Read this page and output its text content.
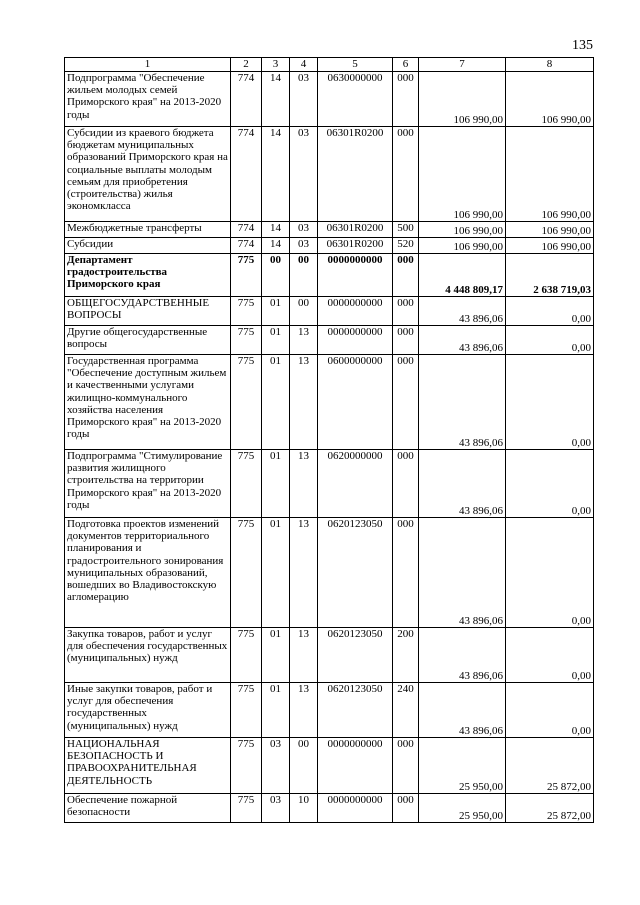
135
1	2	3	4	5	6	7	8
Подпрограмма "Обеспечение жильем молодых семей Приморского края" на 2013-2020 годы	774	14	03	0630000000	000	106 990,00	106 990,00
Субсидии из краевого бюджета бюджетам муниципальных образований Приморского края на социальные выплаты молодым семьям для приобретения (строительства) жилья экономкласса	774	14	03	06301R0200	000	106 990,00	106 990,00
Межбюджетные трансферты	774	14	03	06301R0200	500	106 990,00	106 990,00
Субсидии	774	14	03	06301R0200	520	106 990,00	106 990,00
Департамент градостроительства Приморского края	775	00	00	0000000000	000	4 448 809,17	2 638 719,03
ОБЩЕГОСУДАРСТВЕННЫЕ ВОПРОСЫ	775	01	00	0000000000	000	43 896,06	0,00
Другие общегосударственные вопросы	775	01	13	0000000000	000	43 896,06	0,00
Государственная программа "Обеспечение доступным жильем и качественными услугами жилищно-коммунального хозяйства населения Приморского края" на 2013-2020 годы	775	01	13	0600000000	000	43 896,06	0,00
Подпрограмма "Стимулирование развития жилищного строительства на территории Приморского края" на 2013-2020 годы	775	01	13	0620000000	000	43 896,06	0,00
Подготовка проектов изменений документов территориального планирования и градостроительного зонирования муниципальных образований, вошедших во Владивостокскую агломерацию	775	01	13	0620123050	000	43 896,06	0,00
Закупка товаров, работ и услуг для обеспечения государственных (муниципальных) нужд	775	01	13	0620123050	200	43 896,06	0,00
Иные закупки товаров, работ и услуг для обеспечения государственных (муниципальных) нужд	775	01	13	0620123050	240	43 896,06	0,00
НАЦИОНАЛЬНАЯ БЕЗОПАСНОСТЬ И ПРАВООХРАНИТЕЛЬНАЯ ДЕЯТЕЛЬНОСТЬ	775	03	00	0000000000	000	25 950,00	25 872,00
Обеспечение пожарной безопасности	775	03	10	0000000000	000	25 950,00	25 872,00
